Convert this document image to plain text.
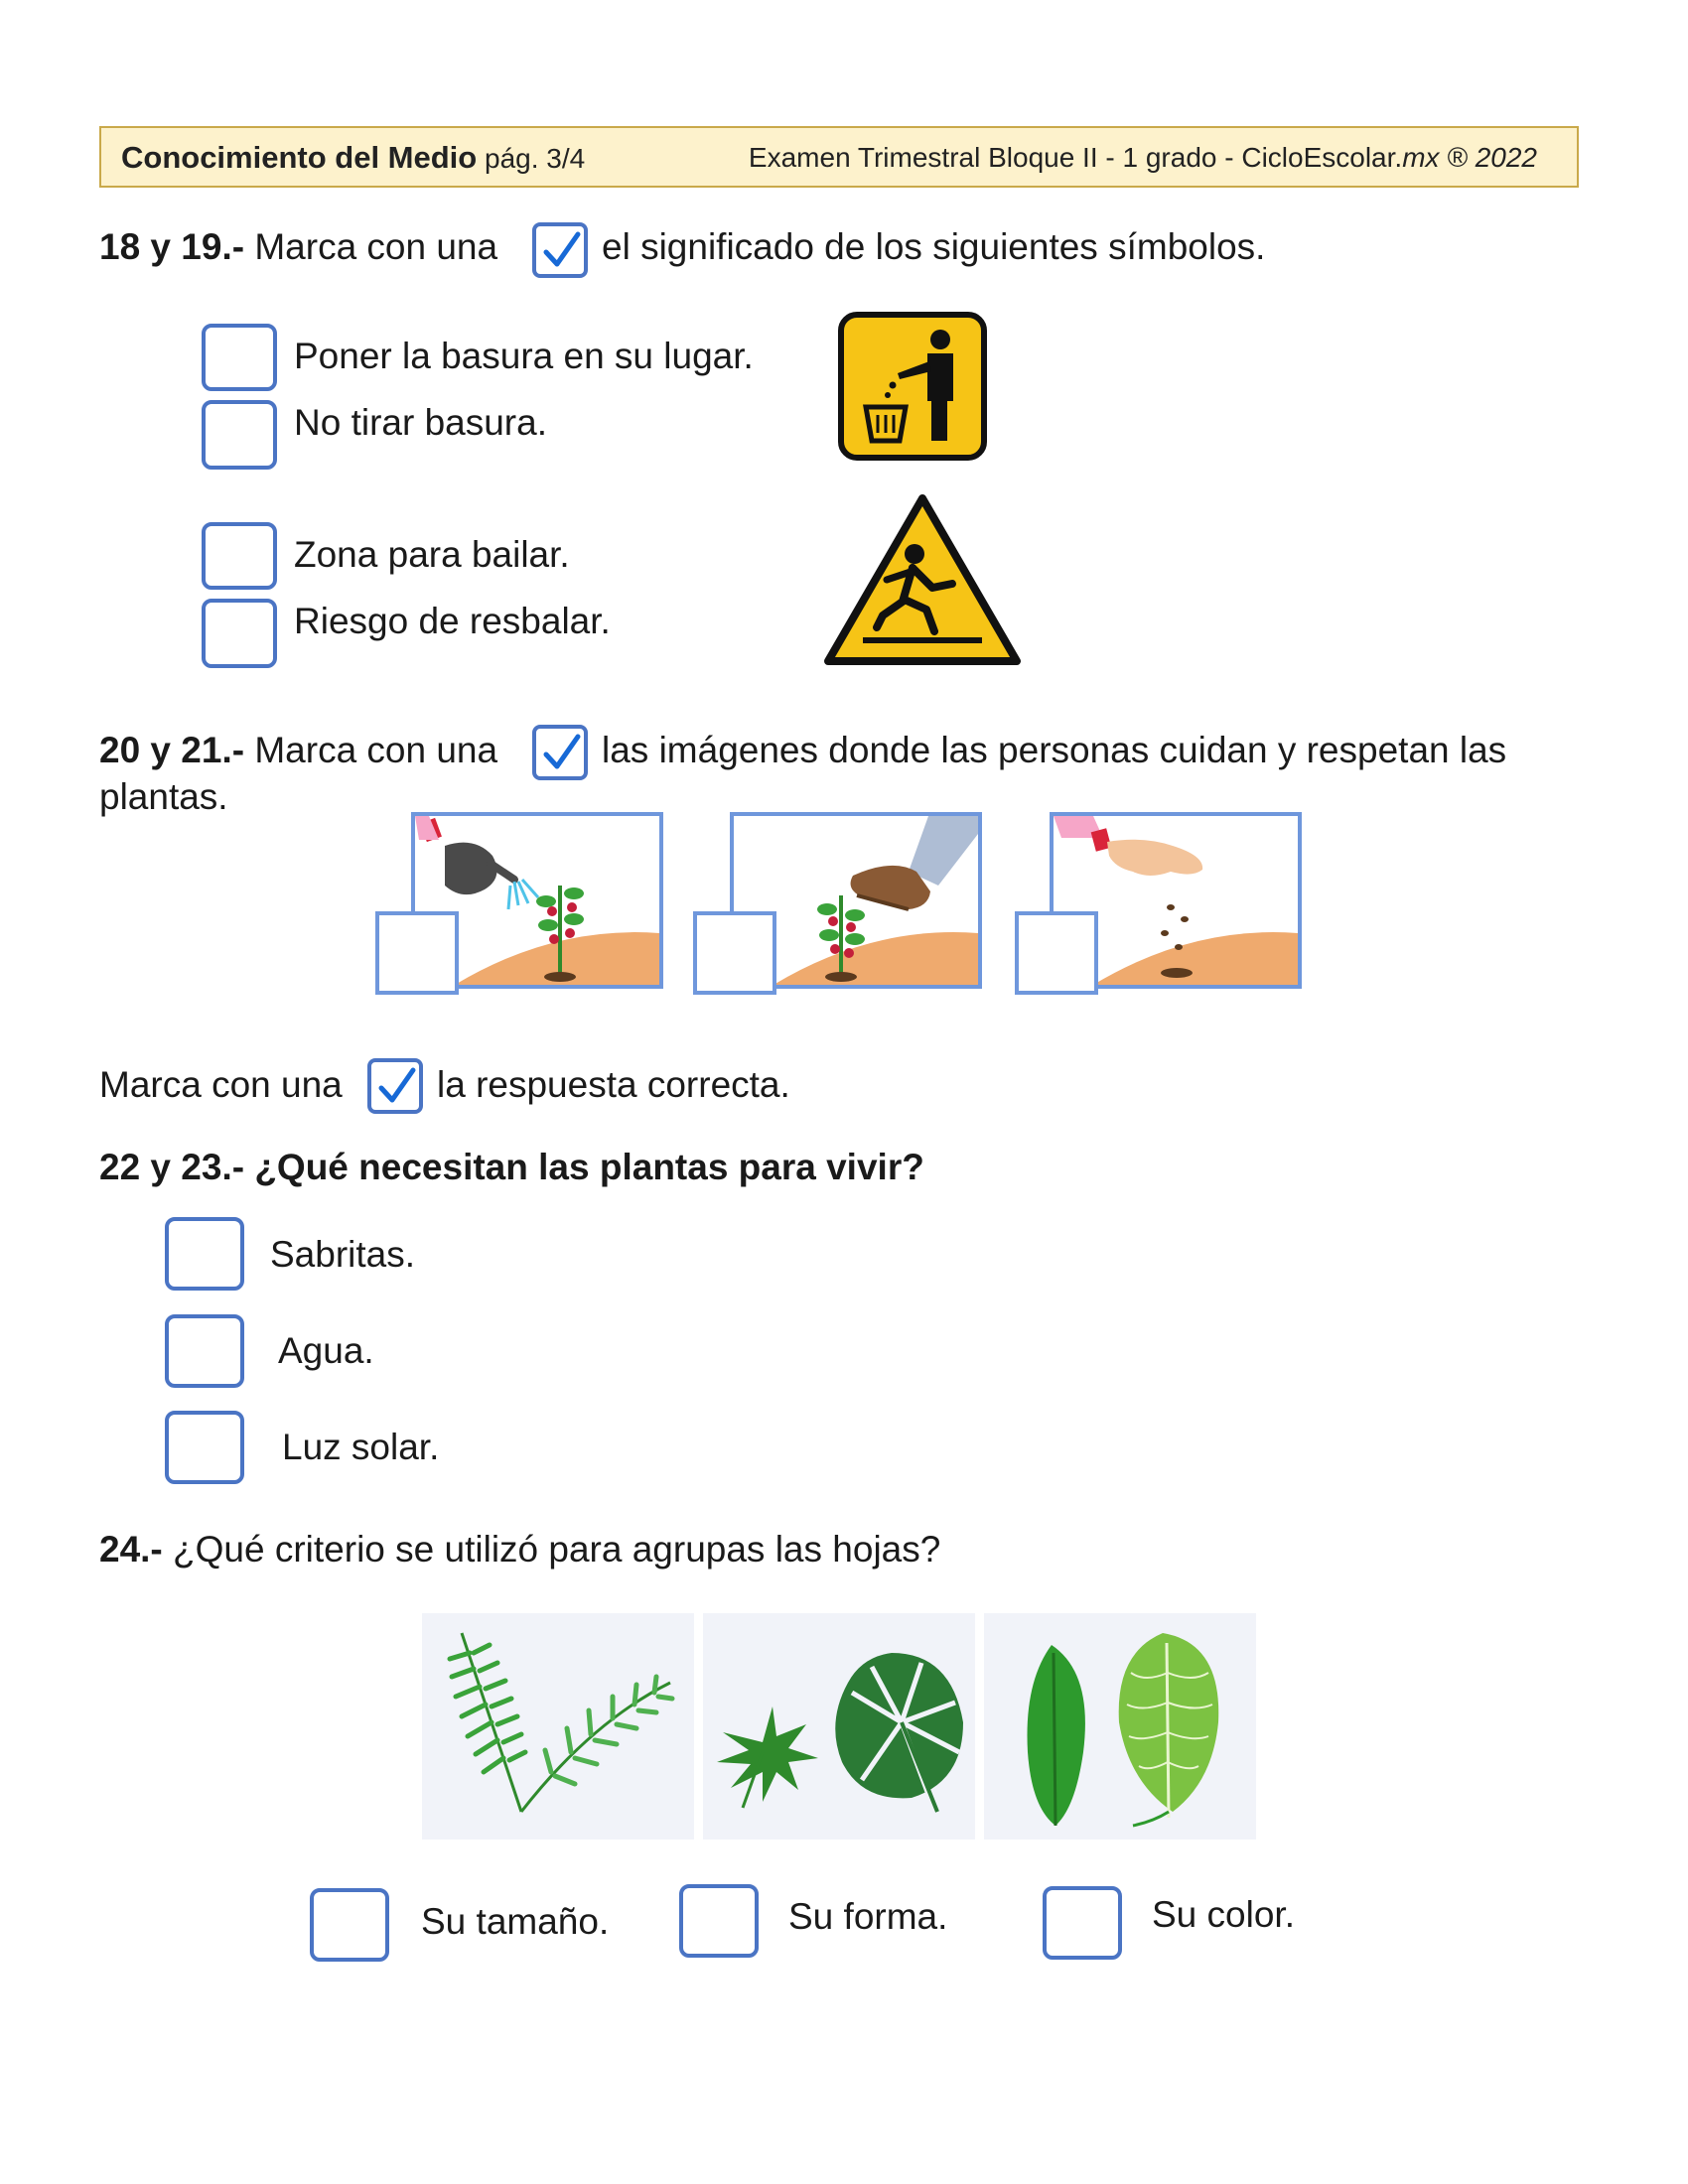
Conocimiento del Medio pág. 3/4	Examen Trimestral Bloque II - 1 grado - CicloEscolar.mx ® 2022
18 y 19.- Marca con una	el significado de los siguientes símbolos.
Poner la basura en su lugar.
No tirar basura.
Zona para bailar.
Riesgo de resbalar.
20 y 21.- Marca con una	las imágenes donde las personas cuidan y respetan las
plantas.
Marca con una	la respuesta correcta.
22 y 23.- ¿Qué necesitan las plantas para vivir?
Sabritas.
Agua.
Luz solar.
24.- ¿Qué criterio se utilizó para agrupas las hojas?
Su tamaño.	Su forma.	Su color.
